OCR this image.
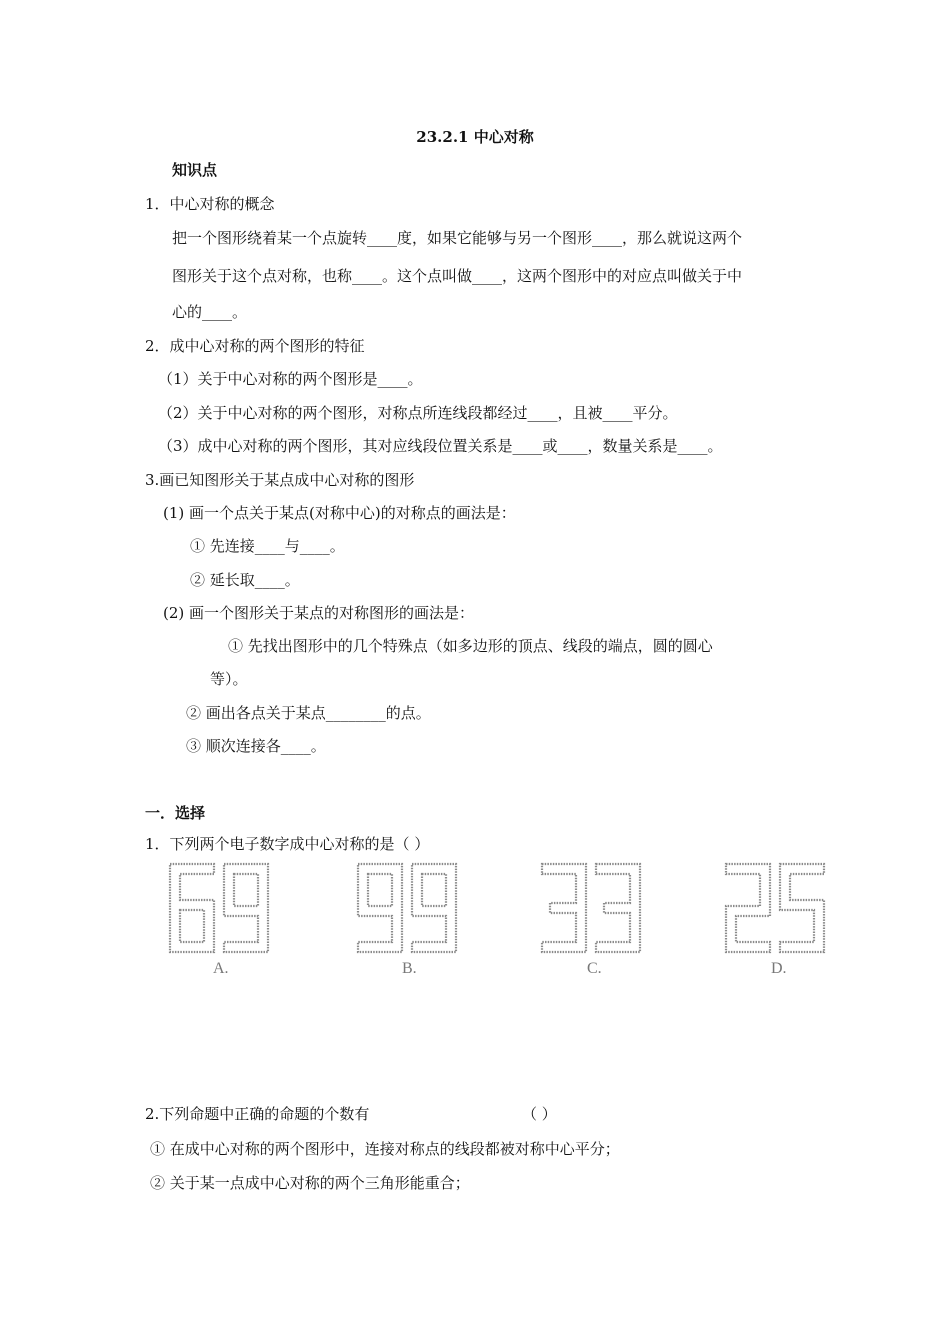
23.2.1 中心对称
知识点
1．中心对称的概念
把一个图形绕着某一个点旋转____度，如果它能够与另一个图形____，那么就说这两个
图形关于这个点对称，也称____。这个点叫做____，这两个图形中的对应点叫做关于中
心的____。
2．成中心对称的两个图形的特征
（1）关于中心对称的两个图形是____。
（2）关于中心对称的两个图形，对称点所连线段都经过____，且被____平分。
（3）成中心对称的两个图形，其对应线段位置关系是____或____，数量关系是____。
3.画已知图形关于某点成中心对称的图形
(1) 画一个点关于某点(对称中心)的对称点的画法是：
① 先连接____与____。
② 延长取____。
(2) 画一个图形关于某点的对称图形的画法是：
① 先找出图形中的几个特殊点（如多边形的顶点、线段的端点，圆的圆心
等）。
② 画出各点关于某点________的点。
③ 顺次连接各____。
一．选择
1．下列两个电子数字成中心对称的是（ ）
A.	B.	C.	D.
2.下列命题中正确的命题的个数有	（ ）
① 在成中心对称的两个图形中，连接对称点的线段都被对称中心平分；
② 关于某一点成中心对称的两个三角形能重合；
